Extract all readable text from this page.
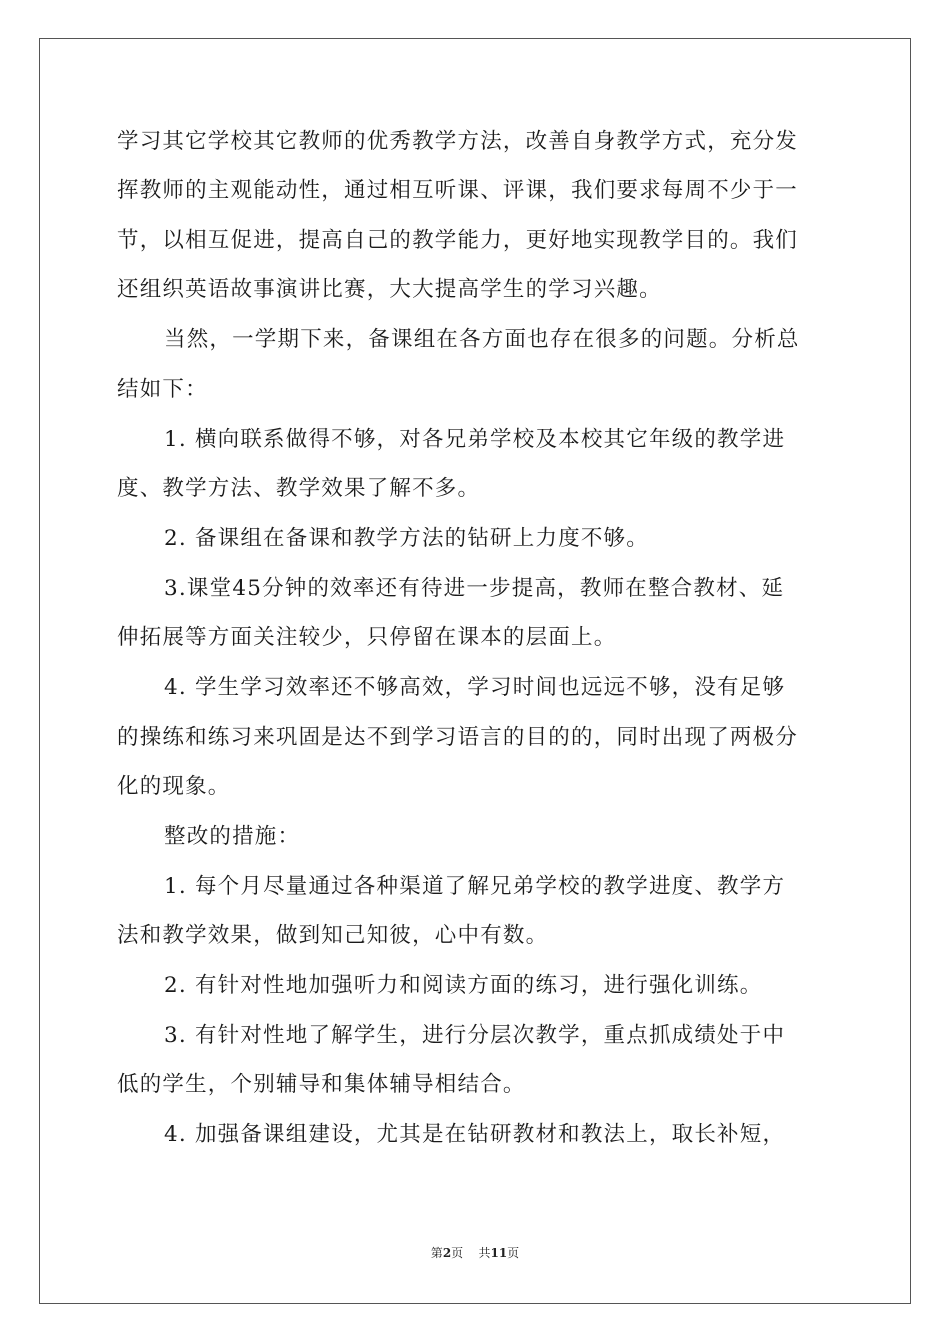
学习其它学校其它教师的优秀教学方法，改善自身教学方式，充分发
挥教师的主观能动性，通过相互听课、评课，我们要求每周不少于一
节，以相互促进，提高自己的教学能力，更好地实现教学目的。我们
还组织英语故事演讲比赛，大大提高学生的学习兴趣。
当然，一学期下来，备课组在各方面也存在很多的问题。分析总
结如下：
1. 横向联系做得不够，对各兄弟学校及本校其它年级的教学进
度、教学方法、教学效果了解不多。
2. 备课组在备课和教学方法的钻研上力度不够。
3.课堂45分钟的效率还有待进一步提高，教师在整合教材、延
伸拓展等方面关注较少，只停留在课本的层面上。
4. 学生学习效率还不够高效，学习时间也远远不够，没有足够
的操练和练习来巩固是达不到学习语言的目的的，同时出现了两极分
化的现象。
整改的措施：
1. 每个月尽量通过各种渠道了解兄弟学校的教学进度、教学方
法和教学效果，做到知己知彼，心中有数。
2. 有针对性地加强听力和阅读方面的练习，进行强化训练。
3. 有针对性地了解学生，进行分层次教学，重点抓成绩处于中
低的学生，个别辅导和集体辅导相结合。
4. 加强备课组建设，尤其是在钻研教材和教法上，取长补短，
第2页 共11页
